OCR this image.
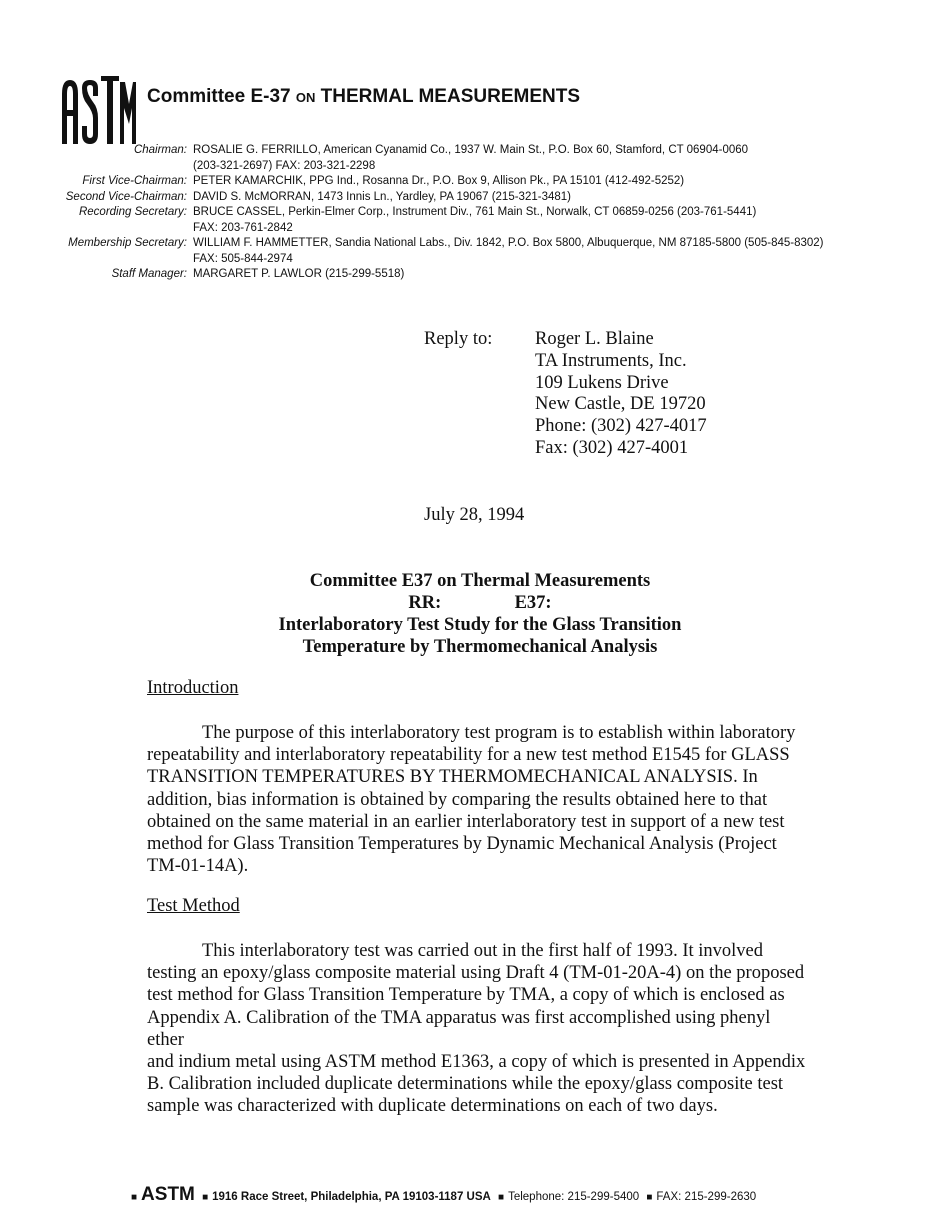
Committee E-37 ON THERMAL MEASUREMENTS
Chairman: ROSALIE G. FERRILLO, American Cyanamid Co., 1937 W. Main St., P.O. Box 60, Stamford, CT 06904-0060
(203-321-2697) FAX: 203-321-2298
First Vice-Chairman: PETER KAMARCHIK, PPG Ind., Rosanna Dr., P.O. Box 9, Allison Pk., PA 15101 (412-492-5252)
Second Vice-Chairman: DAVID S. McMORRAN, 1473 Innis Ln., Yardley, PA 19067 (215-321-3481)
Recording Secretary: BRUCE CASSEL, Perkin-Elmer Corp., Instrument Div., 761 Main St., Norwalk, CT 06859-0256 (203-761-5441)
FAX: 203-761-2842
Membership Secretary: WILLIAM F. HAMMETTER, Sandia National Labs., Div. 1842, P.O. Box 5800, Albuquerque, NM 87185-5800 (505-845-8302)
FAX: 505-844-2974
Staff Manager: MARGARET P. LAWLOR (215-299-5518)
Reply to: Roger L. Blaine
TA Instruments, Inc.
109 Lukens Drive
New Castle, DE 19720
Phone: (302) 427-4017
Fax: (302) 427-4001
July 28, 1994
Committee E37 on Thermal Measurements
RR:	E37:
Interlaboratory Test Study for the Glass Transition
Temperature by Thermomechanical Analysis
Introduction
The purpose of this interlaboratory test program is to establish within laboratory
repeatability and interlaboratory repeatability for a new test method E1545 for GLASS
TRANSITION TEMPERATURES BY THERMOMECHANICAL ANALYSIS. In
addition, bias information is obtained by comparing the results obtained here to that
obtained on the same material in an earlier interlaboratory test in support of a new test
method for Glass Transition Temperatures by Dynamic Mechanical Analysis (Project
TM-01-14A).
Test Method
This interlaboratory test was carried out in the first half of 1993. It involved
testing an epoxy/glass composite material using Draft 4 (TM-01-20A-4) on the proposed
test method for Glass Transition Temperature by TMA, a copy of which is enclosed as
Appendix A. Calibration of the TMA apparatus was first accomplished using phenyl ether
and indium metal using ASTM method E1363, a copy of which is presented in Appendix
B. Calibration included duplicate determinations while the epoxy/glass composite test
sample was characterized with duplicate determinations on each of two days.
■ ASTM ■ 1916 Race Street, Philadelphia, PA 19103-1187 USA ■ Telephone: 215-299-5400 ■ FAX: 215-299-2630
